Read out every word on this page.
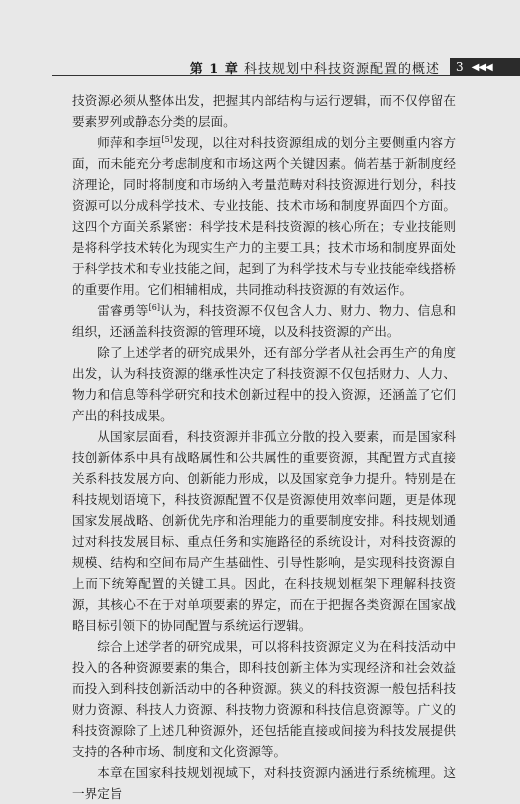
第 1 章 科技规划中科技资源配置的概述 3 ◀◀◀

技资源必须从整体出发，把握其内部结构与运行逻辑，而不仅停留在要素罗列或静态分类的层面。

师萍和李垣[5]发现，以往对科技资源组成的划分主要侧重内容方面，而未能充分考虑制度和市场这两个关键因素。倘若基于新制度经济理论，同时将制度和市场纳入考量范畴对科技资源进行划分，科技资源可以分成科学技术、专业技能、技术市场和制度界面四个方面。这四个方面关系紧密：科学技术是科技资源的核心所在；专业技能则是将科学技术转化为现实生产力的主要工具；技术市场和制度界面处于科学技术和专业技能之间，起到了为科学技术与专业技能牵线搭桥的重要作用。它们相辅相成，共同推动科技资源的有效运作。

雷睿勇等[6]认为，科技资源不仅包含人力、财力、物力、信息和组织，还涵盖科技资源的管理环境，以及科技资源的产出。

除了上述学者的研究成果外，还有部分学者从社会再生产的角度出发，认为科技资源的继承性决定了科技资源不仅包括财力、人力、物力和信息等科学研究和技术创新过程中的投入资源，还涵盖了它们产出的科技成果。

从国家层面看，科技资源并非孤立分散的投入要素，而是国家科技创新体系中具有战略属性和公共属性的重要资源，其配置方式直接关系科技发展方向、创新能力形成，以及国家竞争力提升。特别是在科技规划语境下，科技资源配置不仅是资源使用效率问题，更是体现国家发展战略、创新优先序和治理能力的重要制度安排。科技规划通过对科技发展目标、重点任务和实施路径的系统设计，对科技资源的规模、结构和空间布局产生基础性、引导性影响，是实现科技资源自上而下统筹配置的关键工具。因此，在科技规划框架下理解科技资源，其核心不在于对单项要素的界定，而在于把握各类资源在国家战略目标引领下的协同配置与系统运行逻辑。

综合上述学者的研究成果，可以将科技资源定义为在科技活动中投入的各种资源要素的集合，即科技创新主体为实现经济和社会效益而投入到科技创新活动中的各种资源。狭义的科技资源一般包括科技财力资源、科技人力资源、科技物力资源和科技信息资源等。广义的科技资源除了上述几种资源外，还包括能直接或间接为科技发展提供支持的各种市场、制度和文化资源等。

本章在国家科技规划视域下，对科技资源内涵进行系统梳理。这一界定旨
